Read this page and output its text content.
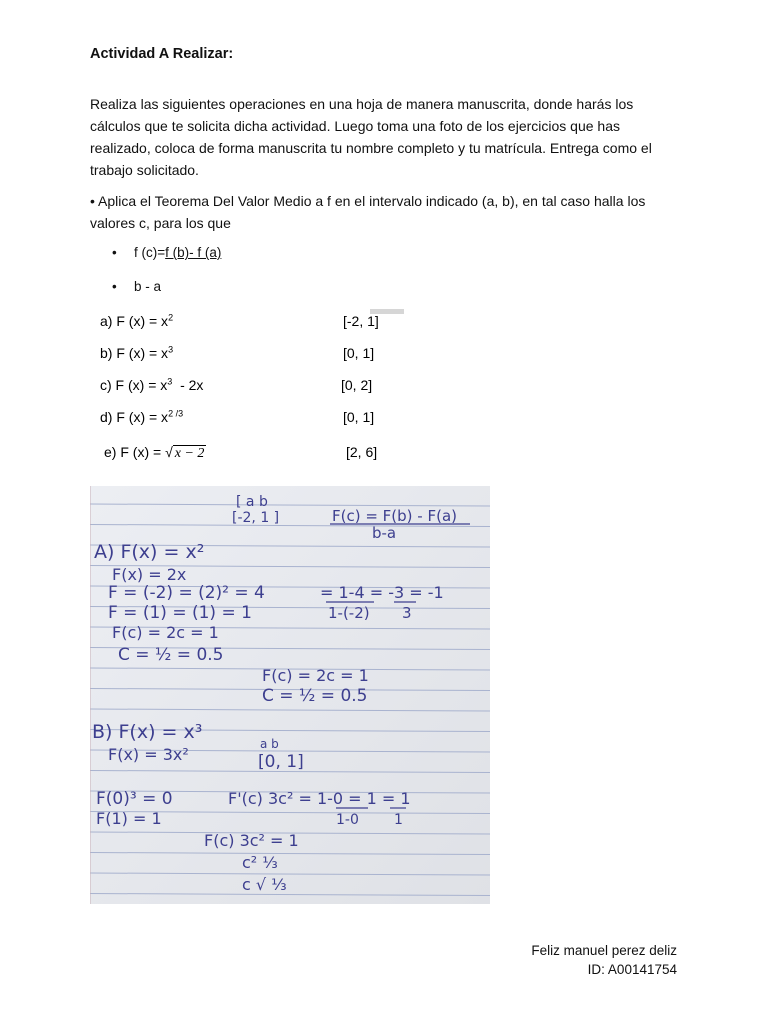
Actividad A Realizar:
Realiza las siguientes operaciones en una hoja de manera manuscrita, donde harás los cálculos que te solicita dicha actividad. Luego toma una foto de los ejercicios que has realizado, coloca de forma manuscrita tu nombre completo y tu matrícula. Entrega como el trabajo solicitado.
• Aplica el Teorema Del Valor Medio a f en el intervalo indicado (a, b), en tal caso halla los valores c, para los que
• f (c)=f (b)- f (a)
• b - a
a) F $(x) = x^2$	[-2, 1]
b) F $(x) = x^3$	[0, 1]
c) F $(x) = x^3 - 2x$	[0, 2]
d) F $(x) = x^{2 /3}$	[0, 1]
e) F (x) = √ x − 2	[2, 6]
[ a b
[-2, 1 ]	F(c) = F(b) - F(a)
b-a
A) F(x) = x²
F(x) = 2x
F = (-2) = (2)² = 4
F = (1) = (1) = 1
F(c) = 2c = 1
C = ½ = 0.5
= 1-4 = -3 = -1
1-(-2) 3
F(c) = 2c = 1
C = ½ = 0.5
B) F(x) = x³
F(x) = 3x²
a b
[0, 1]
F(0)³ = 0
F(1) = 1
F'(c) 3c² = 1-0 = 1 = 1
1-0	1
F(c) 3c² = 1
c² ⅓
c √ ⅓
Feliz manuel perez deliz
ID: A00141754
